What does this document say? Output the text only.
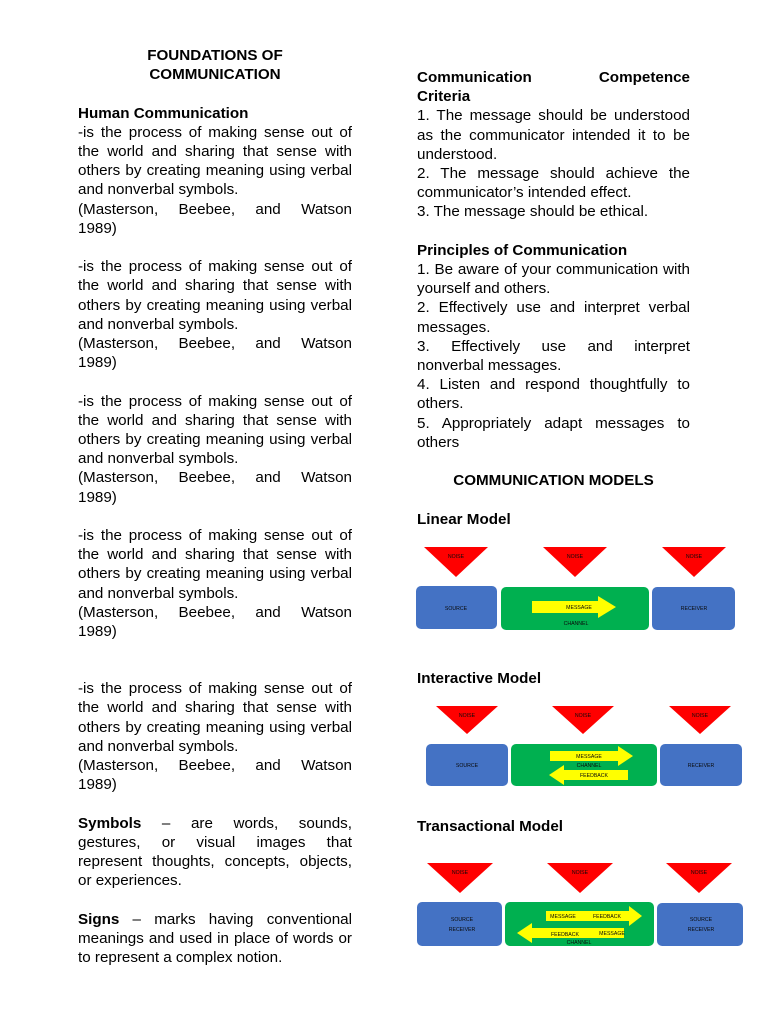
FOUNDATIONS OF

COMMUNICATION

Human Communication

-is the process of making sense out of the world and sharing that sense with others by creating meaning using verbal and nonverbal symbols.
(Masterson, Beebee, and Watson
1989)
-is the process of making sense out of the world and sharing that sense with others by creating meaning using verbal and nonverbal symbols.
(Masterson, Beebee, and Watson
1989)
-is the process of making sense out of the world and sharing that sense with others by creating meaning using verbal and nonverbal symbols.
(Masterson, Beebee, and Watson
1989)
-is the process of making sense out of the world and sharing that sense with others by creating meaning using verbal and nonverbal symbols.
(Masterson, Beebee, and Watson
1989)
-is the process of making sense out of the world and sharing that sense with others by creating meaning using verbal and nonverbal symbols.
(Masterson, Beebee, and Watson
1989)
Symbols – are words, sounds, gestures, or visual images that represent thoughts, concepts, objects, or experiences.
Signs – marks having conventional meanings and used in place of words or to represent a complex notion.
Communication	Competence

Criteria

1. The message should be understood as the communicator intended it to be understood.

2. The message should achieve the communicator’s intended effect.

3. The message should be ethical.

Principles of Communication

1. Be aware of your communication with yourself and others.

2. Effectively use and interpret verbal messages.

3. Effectively use and interpret nonverbal messages.

4. Listen and respond thoughtfully to others.

5. Appropriately adapt messages to others

COMMUNICATION MODELS

Linear Model

Interactive Model

Transactional Model

NOISE	NOISE	NOISE
SOURCE	MESSAGE
CHANNEL
RECEIVER
NOISE	NOISE	NOISE
SOURCE
MESSAGE
CHANNEL
FEEDBACK
RECEIVER
NOISE	NOISE	NOISE
SOURCE
RECEIVER
MESSAGE	FEEDBACK
FEEDBACK	MESSAGE
CHANNEL
SOURCE
RECEIVER
